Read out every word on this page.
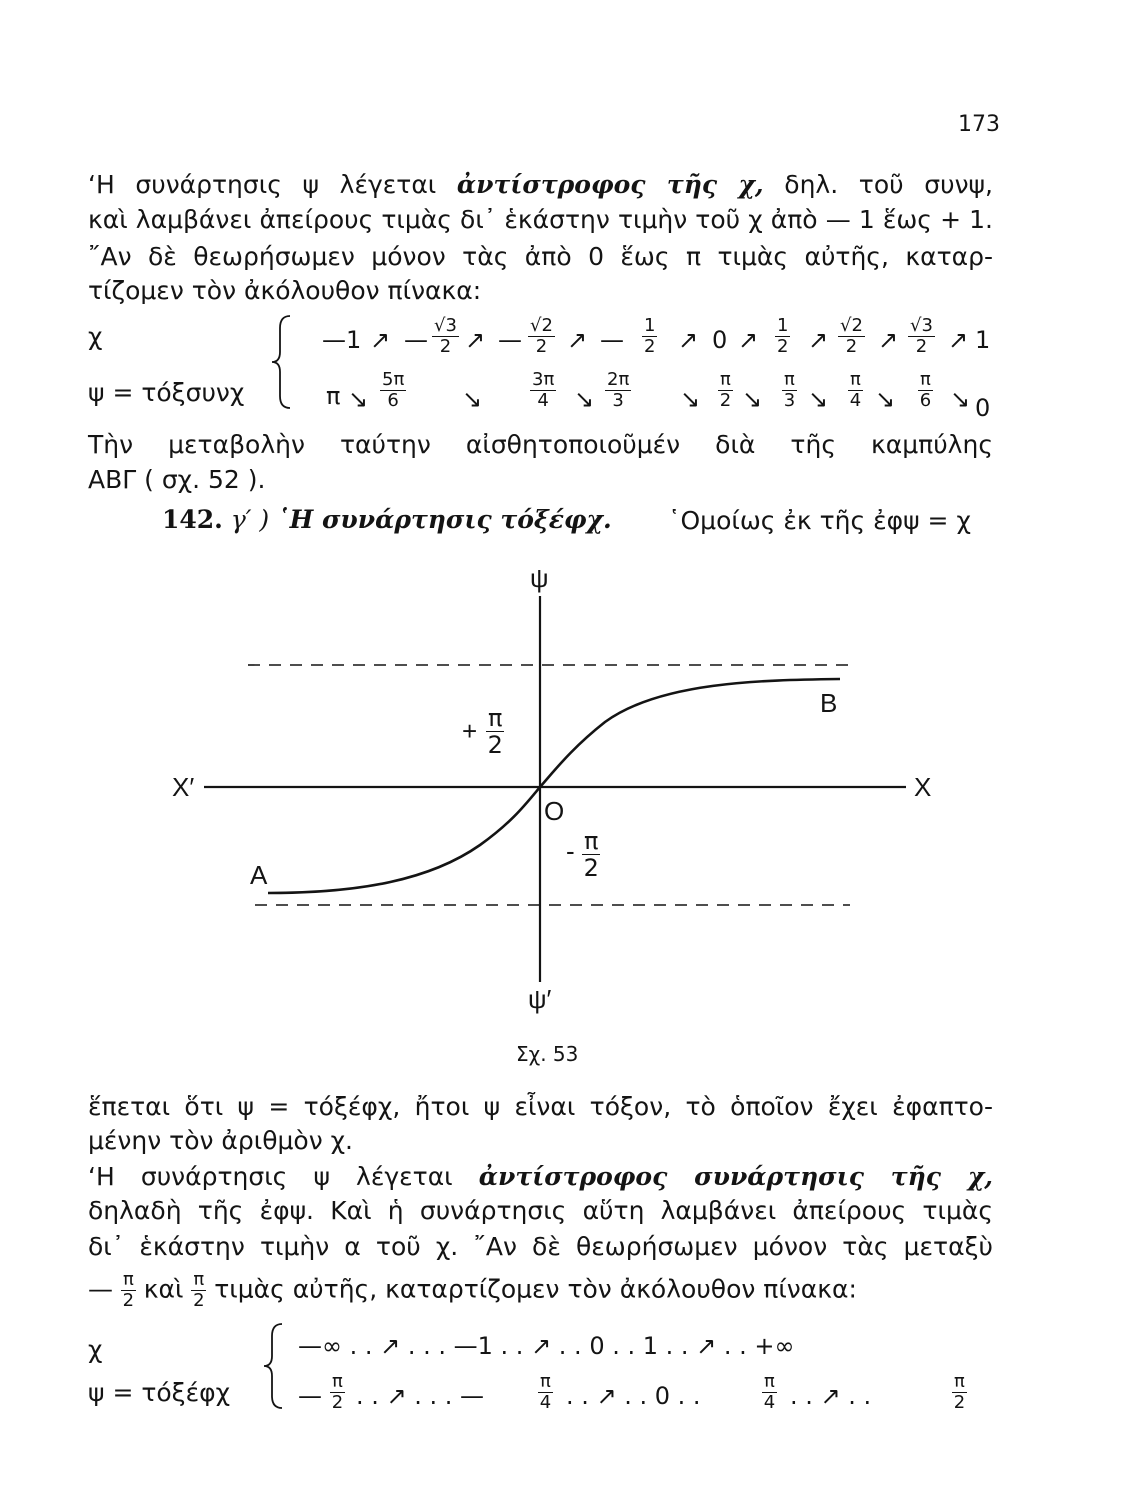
173
‘Η συνάρτησις ψ λέγεται ἀντίστροφος τῆς χ, δηλ. τοῦ συνψ,
καὶ λαμβάνει ἀπείρους τιμὰς δι᾽ ἑκάστην τιμὴν τοῦ χ ἀπὸ — 1 ἕως + 1.
῎Αν δὲ θεωρήσωμεν μόνον τὰς ἀπὸ 0 ἕως π τιμὰς αὐτῆς, καταρ-
τίζομεν τὸν ἀκόλουθον πίνακα:
χ
ψ = τόξσυνχ
—1 ↗ — $\frac{√3}{2}$ ↗ — $\frac{√2}{2}$ ↗ — $\frac{1}{2}$ ↗ 0 ↗ $\frac{1}{2}$ ↗ $\frac{√2}{2}$ ↗ $\frac{√3}{2}$ ↗ 1
π ↘ $\frac{5\pi}{6}$ ↘	$\frac{3\pi}{4}$ ↘ $\frac{2\pi}{3}$ ↘ $\frac{\pi}{2}$ ↘ $\frac{\pi}{3}$ ↘ $\frac{\pi}{4}$ ↘ $\frac{\pi}{6}$ ↘ 0
Τὴν μεταβολὴν ταύτην αἰσθητοποιοῦμέν διὰ τῆς καμπύλης
ΑΒΓ ( σχ. 52 ).
142. γ′ ) ῾Η συνάρτησις τόξέφχ. ῾Ομοίως ἐκ τῆς ἐφψ = χ
ψ
ψ′
Χ′	Χ
Ο
Α
Β
+ $\frac{\pi}{2}$
- $\frac{\pi}{2}$
Σχ. 53
ἕπεται ὅτι ψ = τόξέφχ, ἤτοι ψ εἶναι τόξον, τὸ ὁποῖον ἔχει ἐφαπτο-
μένην τὸν ἀριθμὸν χ.
‘Η συνάρτησις ψ λέγεται ἀντίστροφος συνάρτησις τῆς χ,
δηλαδὴ τῆς ἐφψ. Καὶ ἡ συνάρτησις αὕτη λαμβάνει ἀπείρους τιμὰς
δι᾽ ἑκάστην τιμὴν α τοῦ χ. ῎Αν δὲ θεωρήσωμεν μόνον τὰς μεταξὺ
— $\frac{\pi}{2}$ καὶ $\frac{\pi}{2}$ τιμὰς αὐτῆς, καταρτίζομεν τὸν ἀκόλουθον πίνακα:
χ
ψ = τόξέφχ
—∞ . . ↗ . . . —1 . . ↗ . . 0 . . 1 . . ↗ . . +∞
— $\frac{\pi}{2}$ . . ↗ . . . —	$\frac{\pi}{4}$ . . ↗ . . 0 . .	$\frac{\pi}{4}$ . . ↗ . .	$\frac{\pi}{2}$
